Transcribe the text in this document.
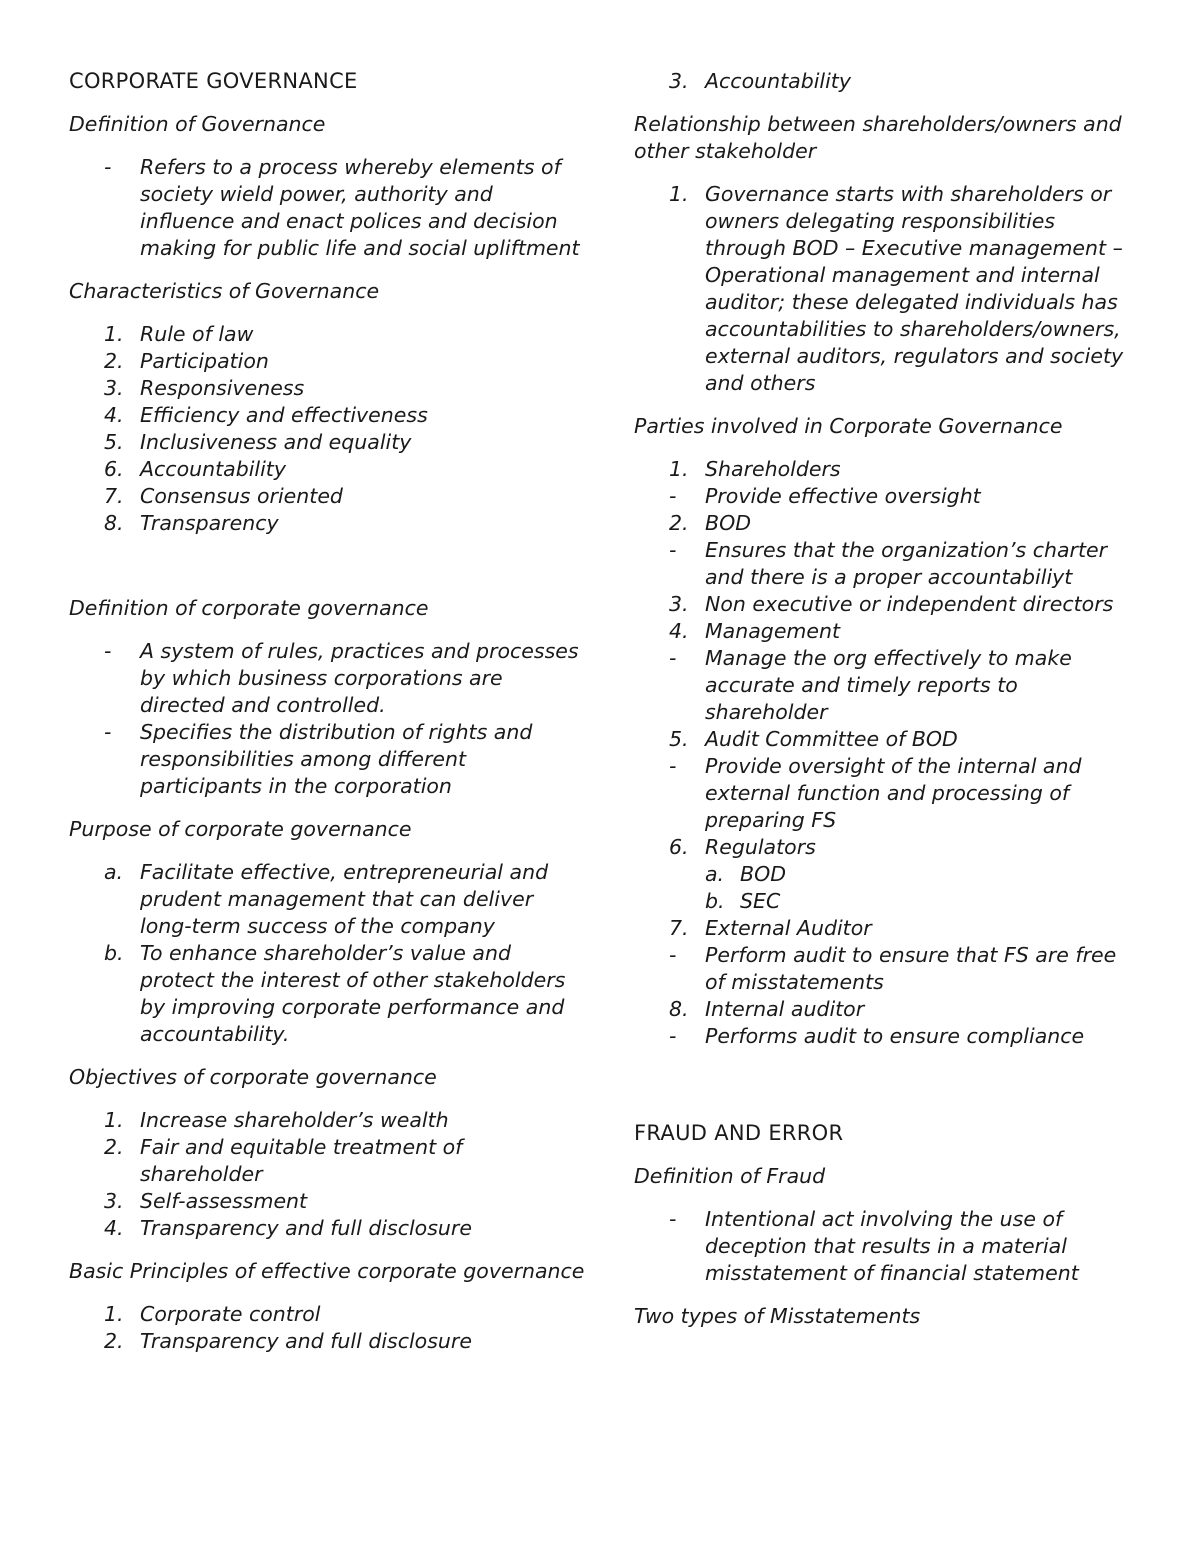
CORPORATE GOVERNANCE
Definition of Governance
-	Refers to a process whereby elements of society wield power, authority and influence and enact polices and decision making for public life and social upliftment
Characteristics of Governance
1. Rule of law
2. Participation
3. Responsiveness
4. Efficiency and effectiveness
5. Inclusiveness and equality
6. Accountability
7. Consensus oriented
8. Transparency
Definition of corporate governance
-	A system of rules, practices and processes by which business corporations are directed and controlled.
-	Specifies the distribution of rights and responsibilities among different participants in the corporation
Purpose of corporate governance
a. Facilitate effective, entrepreneurial and prudent management that can deliver long-term success of the company
b. To enhance shareholder’s value and protect the interest of other stakeholders by improving corporate performance and accountability.
Objectives of corporate governance
1. Increase shareholder’s wealth
2. Fair and equitable treatment of shareholder
3. Self-assessment
4. Transparency and full disclosure
Basic Principles of effective corporate governance
1. Corporate control
2. Transparency and full disclosure
3. Accountability
Relationship between shareholders/owners and other stakeholder
1. Governance starts with shareholders or owners delegating responsibilities through BOD – Executive management – Operational management and internal auditor; these delegated individuals has accountabilities to shareholders/owners, external auditors, regulators and society and others
Parties involved in Corporate Governance
1. Shareholders
-	Provide effective oversight
2. BOD
-	Ensures that the organization’s charter and there is a proper accountabiliyt
3. Non executive or independent directors
4. Management
-	Manage the org effectively to make accurate and timely reports to shareholder
5. Audit Committee of BOD
-	Provide oversight of the internal and external function and processing of preparing FS
6. Regulators
a. BOD
b. SEC
7. External Auditor
-	Perform audit to ensure that FS are free of misstatements
8. Internal auditor
-	Performs audit to ensure compliance
FRAUD AND ERROR
Definition of Fraud
-	Intentional act involving the use of deception that results in a material misstatement of financial statement
Two types of Misstatements
